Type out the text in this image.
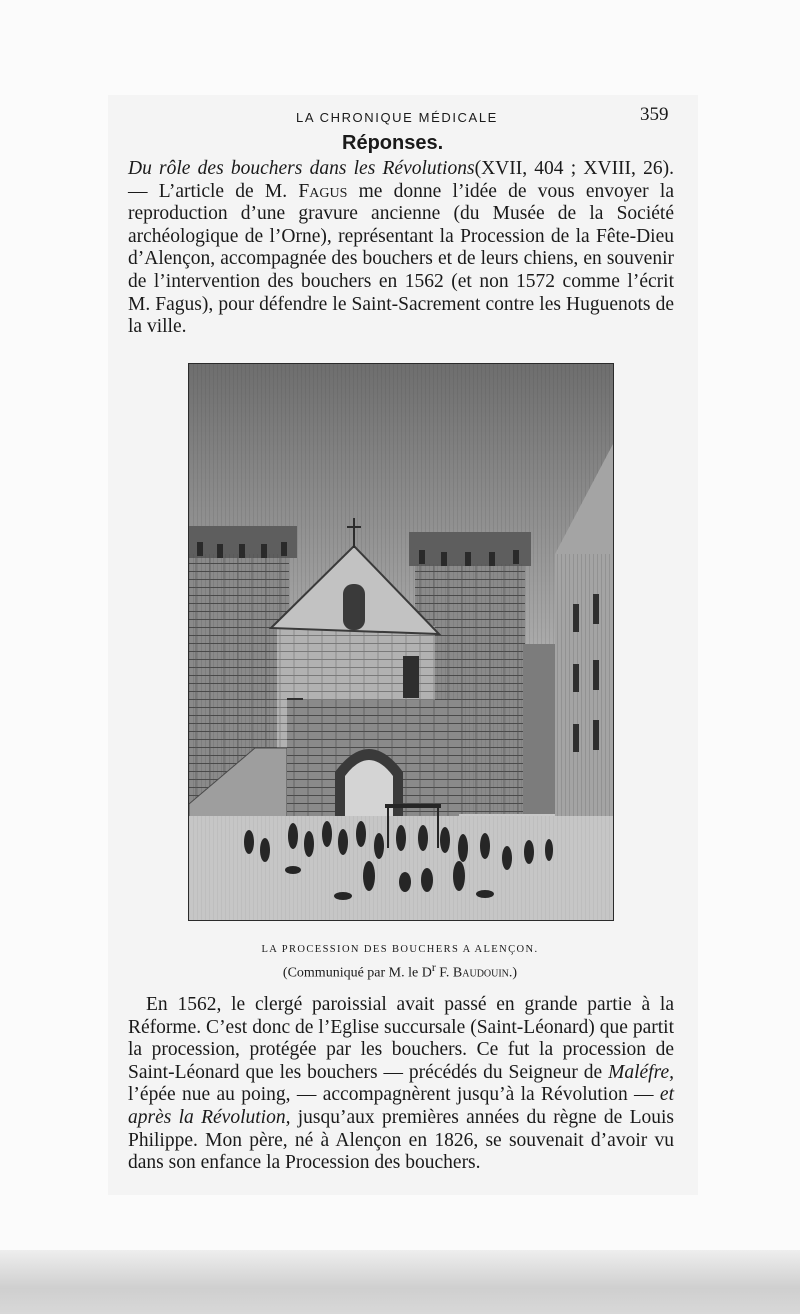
LA CHRONIQUE MÉDICALE	359
Réponses.

Du rôle des bouchers dans les Révolutions(XVII, 404 ; XVIII, 26). — L’article de M. Fagus me donne l’idée de vous envoyer la reproduction d’une gravure ancienne (du Musée de la Société archéologique de l’Orne), représentant la Procession de la Fête-Dieu d’Alençon, accompagnée des bouchers et de leurs chiens, en souvenir de l’intervention des bouchers en 1562 (et non 1572 comme l’écrit M. Fagus), pour défendre le Saint-Sacrement contre les Huguenots de la ville.

LA PROCESSION DES BOUCHERS A ALENÇON.
(Communiqué par M. le $D^r$ F. Baudouin.)

En 1562, le clergé paroissial avait passé en grande partie à la Réforme. C’est donc de l’Eglise succursale (Saint-Léonard) que partit la procession, protégée par les bouchers. Ce fut la procession de Saint-Léonard que les bouchers — précédés du Seigneur de Maléfre, l’épée nue au poing, — accompagnèrent jusqu’à la Révolution — et après la Révolution, jusqu’aux premières années du règne de Louis Philippe. Mon père, né à Alençon en 1826, se souvenait d’avoir vu dans son enfance la Procession des bouchers.
